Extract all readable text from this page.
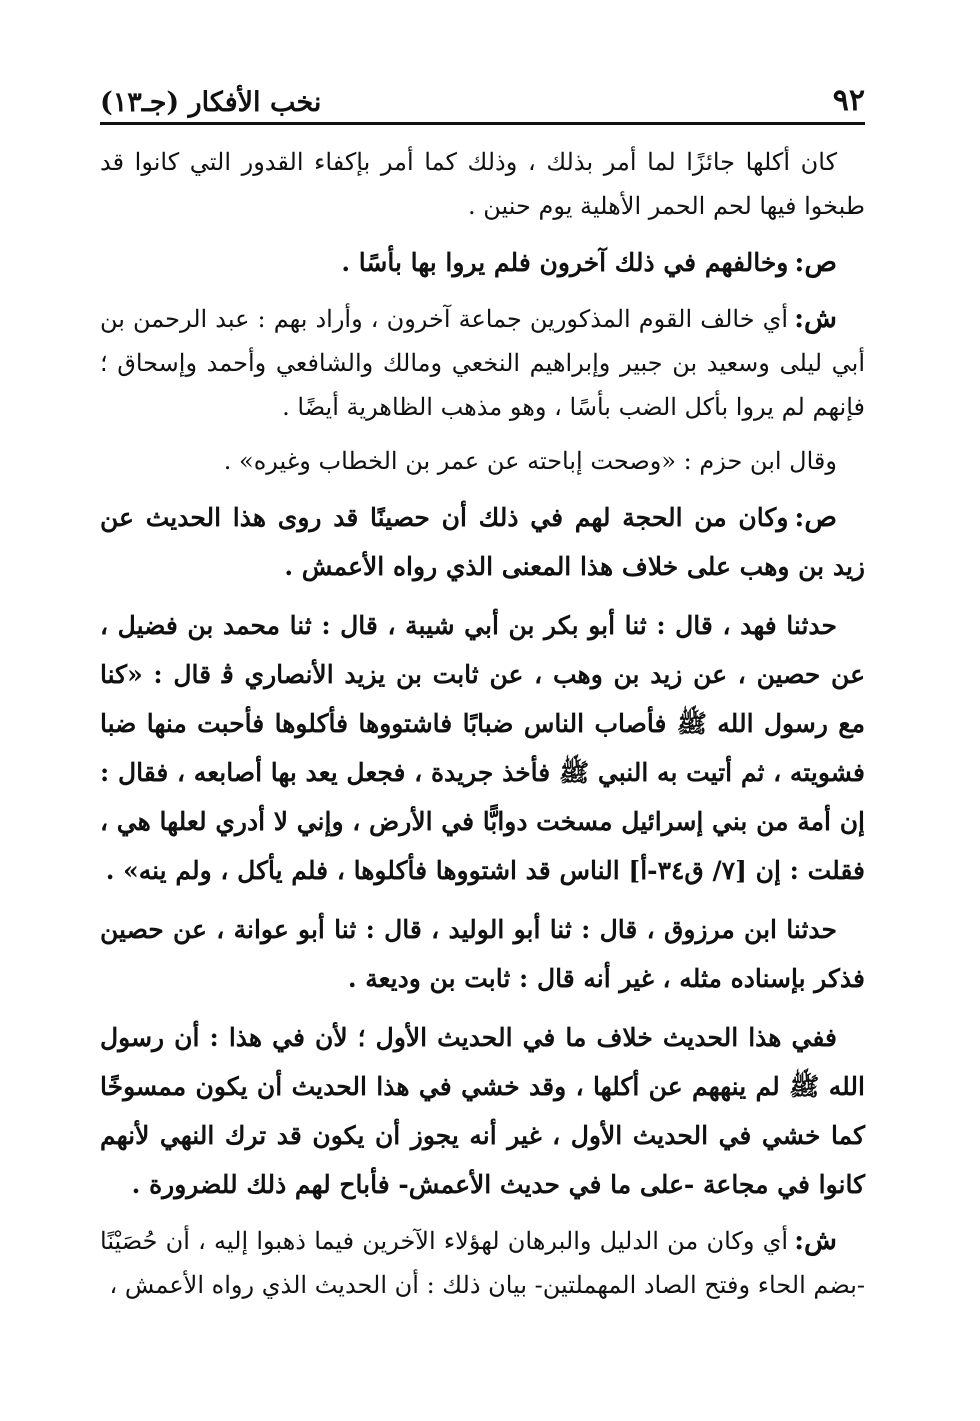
٩٢
نخب الأفكار (جـ١٣)

كان أكلها جائزًا لما أمر بذلك ، وذلك كما أمر بإكفاء القدور التي كانوا قد طبخوا فيها لحم الحمر الأهلية يوم حنين .

ص:وخالفهم في ذلك آخرون فلم يروا بها بأسًا .

ش:أي خالف القوم المذكورين جماعة آخرون ، وأراد بهم : عبد الرحمن بن أبي ليلى وسعيد بن جبير وإبراهيم النخعي ومالك والشافعي وأحمد وإسحاق ؛ فإنهم لم يروا بأكل الضب بأسًا ، وهو مذهب الظاهرية أيضًا .

وقال ابن حزم : «وصحت إباحته عن عمر بن الخطاب وغيره» .

ص:وكان من الحجة لهم في ذلك أن حصينًا قد روى هذا الحديث عن زيد بن وهب على خلاف هذا المعنى الذي رواه الأعمش .

حدثنا فهد ، قال : ثنا أبو بكر بن أبي شيبة ، قال : ثنا محمد بن فضيل ، عن حصين ، عن زيد بن وهب ، عن ثابت بن يزيد الأنصاري ﭬ قال : «كنا مع رسول الله ﷺ فأصاب الناس ضبابًا فاشتووها فأكلوها فأحبت منها ضبا فشويته ، ثم أتيت به النبي ﷺ فأخذ جريدة ، فجعل يعد بها أصابعه ، فقال : إن أمة من بني إسرائيل مسخت دوابًّا في الأرض ، وإني لا أدري لعلها هي ، فقلت : إن [٧/ ق٣٤-أ] الناس قد اشتووها فأكلوها ، فلم يأكل ، ولم ينه» .

حدثنا ابن مرزوق ، قال : ثنا أبو الوليد ، قال : ثنا أبو عوانة ، عن حصين فذكر بإسناده مثله ، غير أنه قال : ثابت بن وديعة .

ففي هذا الحديث خلاف ما في الحديث الأول ؛ لأن في هذا : أن رسول الله ﷺ لم ينههم عن أكلها ، وقد خشي في هذا الحديث أن يكون ممسوخًا كما خشي في الحديث الأول ، غير أنه يجوز أن يكون قد ترك النهي لأنهم كانوا في مجاعة -على ما في حديث الأعمش- فأباح لهم ذلك للضرورة .

ش:أي وكان من الدليل والبرهان لهؤلاء الآخرين فيما ذهبوا إليه ، أن حُصَيْنًا -بضم الحاء وفتح الصاد المهملتين- بيان ذلك : أن الحديث الذي رواه الأعمش ،
